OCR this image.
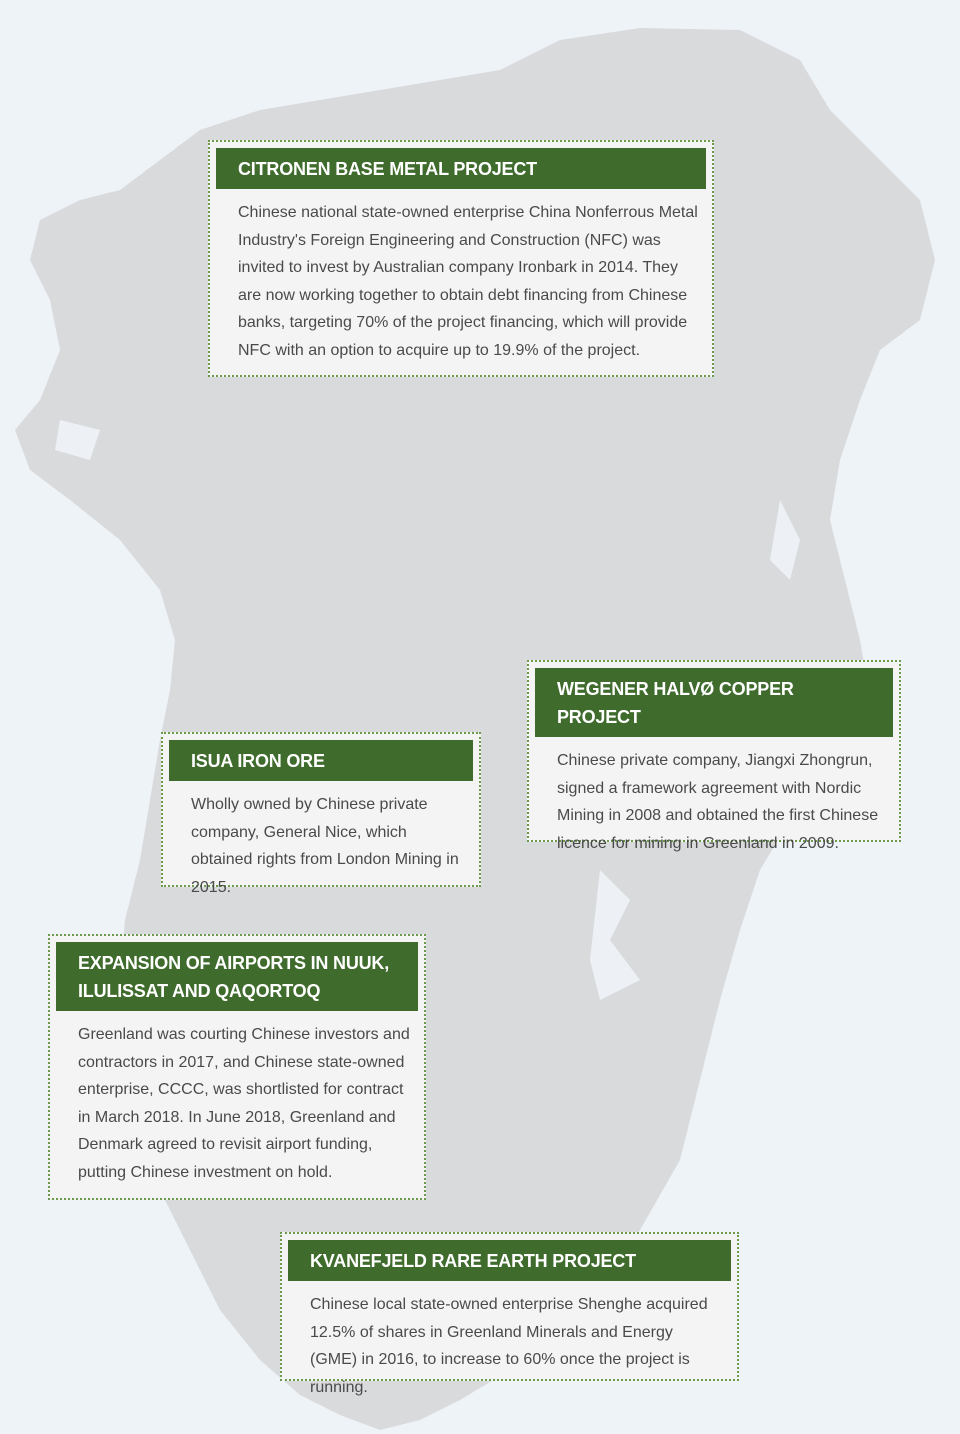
CITRONEN BASE METAL PROJECT

Chinese national state-owned enterprise China Nonferrous Metal Industry's Foreign Engineering and Construction (NFC) was invited to invest by Australian company Ironbark in 2014. They are now working together to obtain debt financing from Chinese banks, targeting 70% of the project financing, which will provide NFC with an option to acquire up to 19.9% of the project.

WEGENER HALVØ COPPER PROJECT

Chinese private company, Jiangxi Zhongrun, signed a framework agreement with Nordic Mining in 2008 and obtained the first Chinese licence for mining in Greenland in 2009.

ISUA IRON ORE

Wholly owned by Chinese private company, General Nice, which obtained rights from London Mining in 2015.

EXPANSION OF AIRPORTS IN NUUK, ILULISSAT AND QAQORTOQ

Greenland was courting Chinese investors and contractors in 2017, and Chinese state-owned enterprise, CCCC, was shortlisted for contract in March 2018. In June 2018, Greenland and Denmark agreed to revisit airport funding, putting Chinese investment on hold.

KVANEFJELD RARE EARTH PROJECT

Chinese local state-owned enterprise Shenghe acquired 12.5% of shares in Greenland Minerals and Energy (GME) in 2016, to increase to 60% once the project is running.
